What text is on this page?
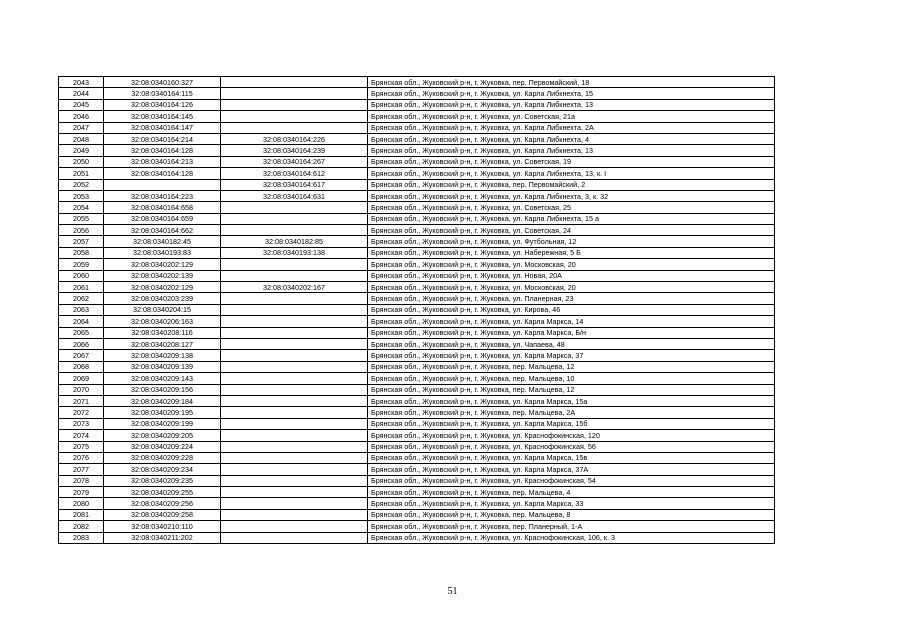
2043	32:08:0340160:327		Брянская обл., Жуковский р-н, г. Жуковка, пер. Первомайский, 18
2044	32:08:0340164:115		Брянская обл., Жуковский р-н, г. Жуковка, ул. Карла Либкнехта, 15
2045	32:08:0340164:126		Брянская обл., Жуковский р-н, г. Жуковка, ул. Карла Либкнехта, 13
2046	32:08:0340164:145		Брянская обл., Жуковский р-н, г. Жуковка, ул. Советская, 21а
2047	32:08:0340164:147		Брянская обл., Жуковский р-н, г. Жуковка, ул. Карла Либкнехта, 2А
2048	32:08:0340164:214	32:08:0340164:226	Брянская обл., Жуковский р-н, г. Жуковка, ул. Карла Либкнехта, 4
2049	32:08:0340164:128	32:08:0340164:239	Брянская обл., Жуковский р-н, г. Жуковка, ул. Карла Либкнехта, 13
2050	32:08:0340164:213	32:08:0340164:267	Брянская обл., Жуковский р-н, г. Жуковка, ул. Советская, 19
2051	32:08:0340164:128	32:08:0340164:612	Брянская обл., Жуковский р-н, г. Жуковка, ул. Карла Либкнехта, 13, к. I
2052		32:08:0340164:617	Брянская обл., Жуковский р-н, г. Жуковка, пер. Первомайский, 2
2053	32:08:0340164:223	32:08:0340164:631	Брянская обл., Жуковский р-н, г. Жуковка, ул. Карла Либкнехта, 3, к. 32
2054	32:08:0340164:658		Брянская обл., Жуковский р-н, г. Жуковка, ул. Советская, 25
2055	32:08:0340164:659		Брянская обл., Жуковский р-н, г. Жуковка, ул. Карла Либкнехта, 15 а
2056	32:08:0340164:662		Брянская обл., Жуковский р-н, г. Жуковка, ул. Советская, 24
2057	32:08:0340182:45	32:08:0340182:85	Брянская обл., Жуковский р-н, г. Жуковка, ул. Футбольная, 12
2058	32:08:0340193:83	32:08:0340193:138	Брянская обл., Жуковский р-н, г. Жуковка, ул. Набережная, 5 Б
2059	32:08:0340202:129		Брянская обл., Жуковский р-н, г. Жуковка, ул. Московская, 20
2060	32:08:0340202:139		Брянская обл., Жуковский р-н, г. Жуковка, ул. Новая, 20А
2061	32:08:0340202:129	32:08:0340202:167	Брянская обл., Жуковский р-н, г. Жуковка, ул. Московская, 20
2062	32:08:0340203:239		Брянская обл., Жуковский р-н, г. Жуковка, ул. Планерная, 23
2063	32:08:0340204:15		Брянская обл., Жуковский р-н, г. Жуковка, ул. Кирова, 46
2064	32:08:0340206:163		Брянская обл., Жуковский р-н, г. Жуковка, ул. Карла Маркса, 14
2065	32:08:0340208:116		Брянская обл., Жуковский р-н, г. Жуковка, ул. Карла Маркса, Б/н
2066	32:08:0340208:127		Брянская обл., Жуковский р-н, г. Жуковка, ул. Чапаева, 48
2067	32:08:0340209:138		Брянская обл., Жуковский р-н, г. Жуковка, ул. Карла Маркса, 37
2068	32:08:0340209:139		Брянская обл., Жуковский р-н, г. Жуковка, пер. Мальцева, 12
2069	32:08:0340209:143		Брянская обл., Жуковский р-н, г. Жуковка, пер. Мальцева, 10
2070	32:08:0340209:156		Брянская обл., Жуковский р-н, г. Жуковка, пер. Мальцева, 12
2071	32:08:0340209:184		Брянская обл., Жуковский р-н, г. Жуковка, ул. Карла Маркса, 15а
2072	32:08:0340209:195		Брянская обл., Жуковский р-н, г. Жуковка, пер. Мальцева, 2А
2073	32:08:0340209:199		Брянская обл., Жуковский р-н, г. Жуковка, ул. Карла Маркса, 15б
2074	32:08:0340209:205		Брянская обл., Жуковский р-н, г. Жуковка, ул. Краснофокинская, 120
2075	32:08:0340209:224		Брянская обл., Жуковский р-н, г. Жуковка, ул. Краснофокинская, 56
2076	32:08:0340209:228		Брянская обл., Жуковский р-н, г. Жуковка, ул. Карла Маркса, 15в
2077	32:08:0340209:234		Брянская обл., Жуковский р-н, г. Жуковка, ул. Карла Маркса, 37А
2078	32:08:0340209:235		Брянская обл., Жуковский р-н, г. Жуковка, ул. Краснофокинская, 54
2079	32:08:0340209:255		Брянская обл., Жуковский р-н, г. Жуковка, пер. Мальцева, 4
2080	32:08:0340209:256		Брянская обл., Жуковский р-н, г. Жуковка, ул. Карла Маркса, 33
2081	32:08:0340209:258		Брянская обл., Жуковский р-н, г. Жуковка, пер. Мальцева, 8
2082	32:08:0340210:110		Брянская обл., Жуковский р-н, г. Жуковка, пер. Планерный, 1-А
2083	32:08:0340211:202		Брянская обл., Жуковский р-н, г. Жуковка, ул. Краснофокинская, 106, к. 3
51
